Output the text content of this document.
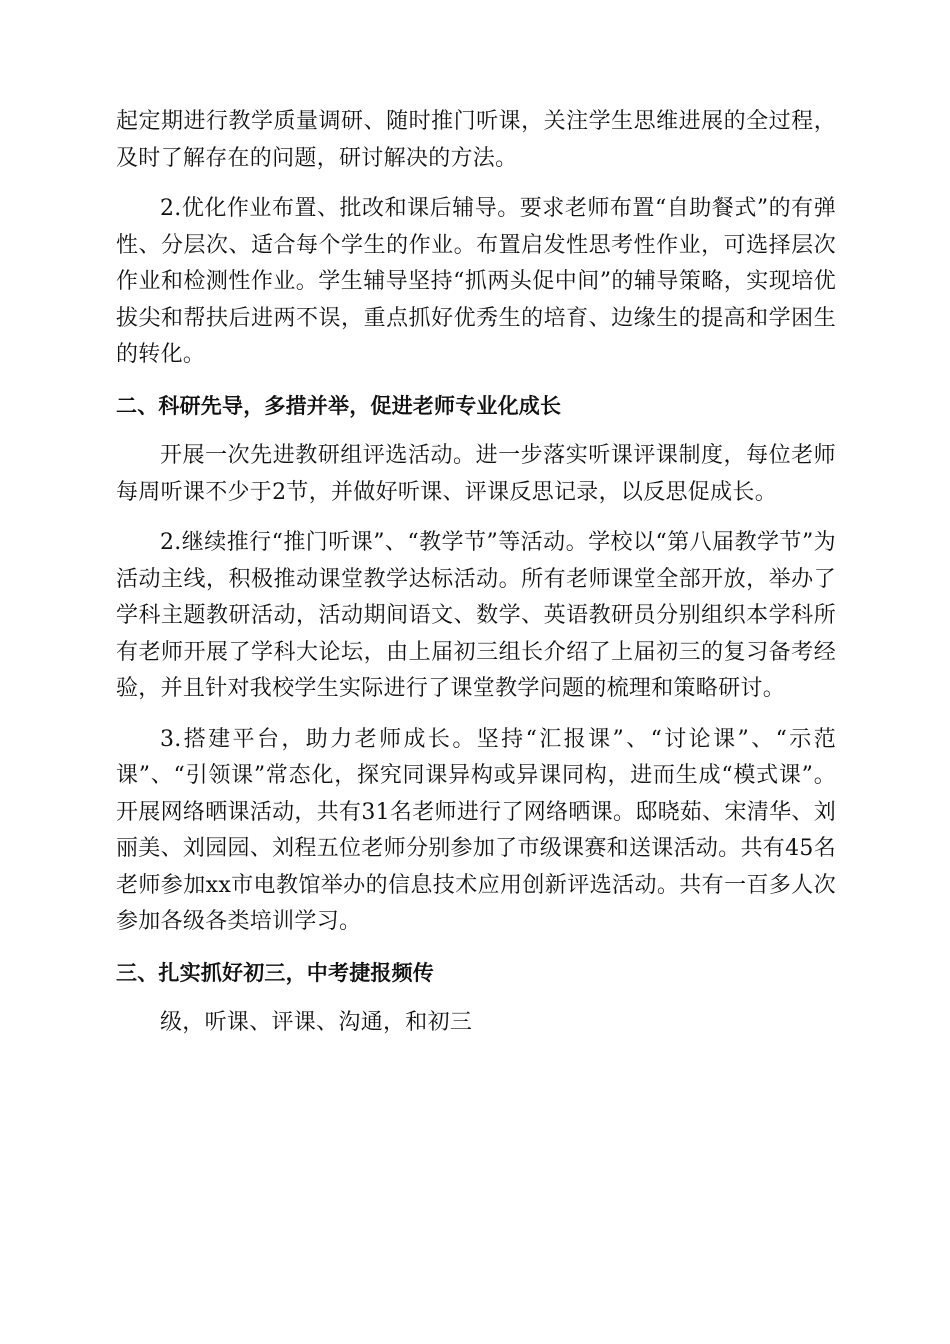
起定期进行教学质量调研、随时推门听课，关注学生思维进展的全过程，及时了解存在的问题，研讨解决的方法。

2.优化作业布置、批改和课后辅导。要求老师布置“自助餐式”的有弹性、分层次、适合每个学生的作业。布置启发性思考性作业，可选择层次作业和检测性作业。学生辅导坚持“抓两头促中间”的辅导策略，实现培优拔尖和帮扶后进两不误，重点抓好优秀生的培育、边缘生的提高和学困生的转化。

二、科研先导，多措并举，促进老师专业化成长

开展一次先进教研组评选活动。进一步落实听课评课制度，每位老师每周听课不少于2节，并做好听课、评课反思记录，以反思促成长。

2.继续推行“推门听课”、“教学节”等活动。学校以“第八届教学节”为活动主线，积极推动课堂教学达标活动。所有老师课堂全部开放，举办了学科主题教研活动，活动期间语文、数学、英语教研员分别组织本学科所有老师开展了学科大论坛，由上届初三组长介绍了上届初三的复习备考经验，并且针对我校学生实际进行了课堂教学问题的梳理和策略研讨。

3.搭建平台，助力老师成长。坚持“汇报课”、“讨论课”、“示范课”、“引领课”常态化，探究同课异构或异课同构，进而生成“模式课”。开展网络晒课活动，共有31名老师进行了网络晒课。邸晓茹、宋清华、刘丽美、刘园园、刘程五位老师分别参加了市级课赛和送课活动。共有45名老师参加xx市电教馆举办的信息技术应用创新评选活动。共有一百多人次参加各级各类培训学习。

三、扎实抓好初三，中考捷报频传

级，听课、评课、沟通，和初三
